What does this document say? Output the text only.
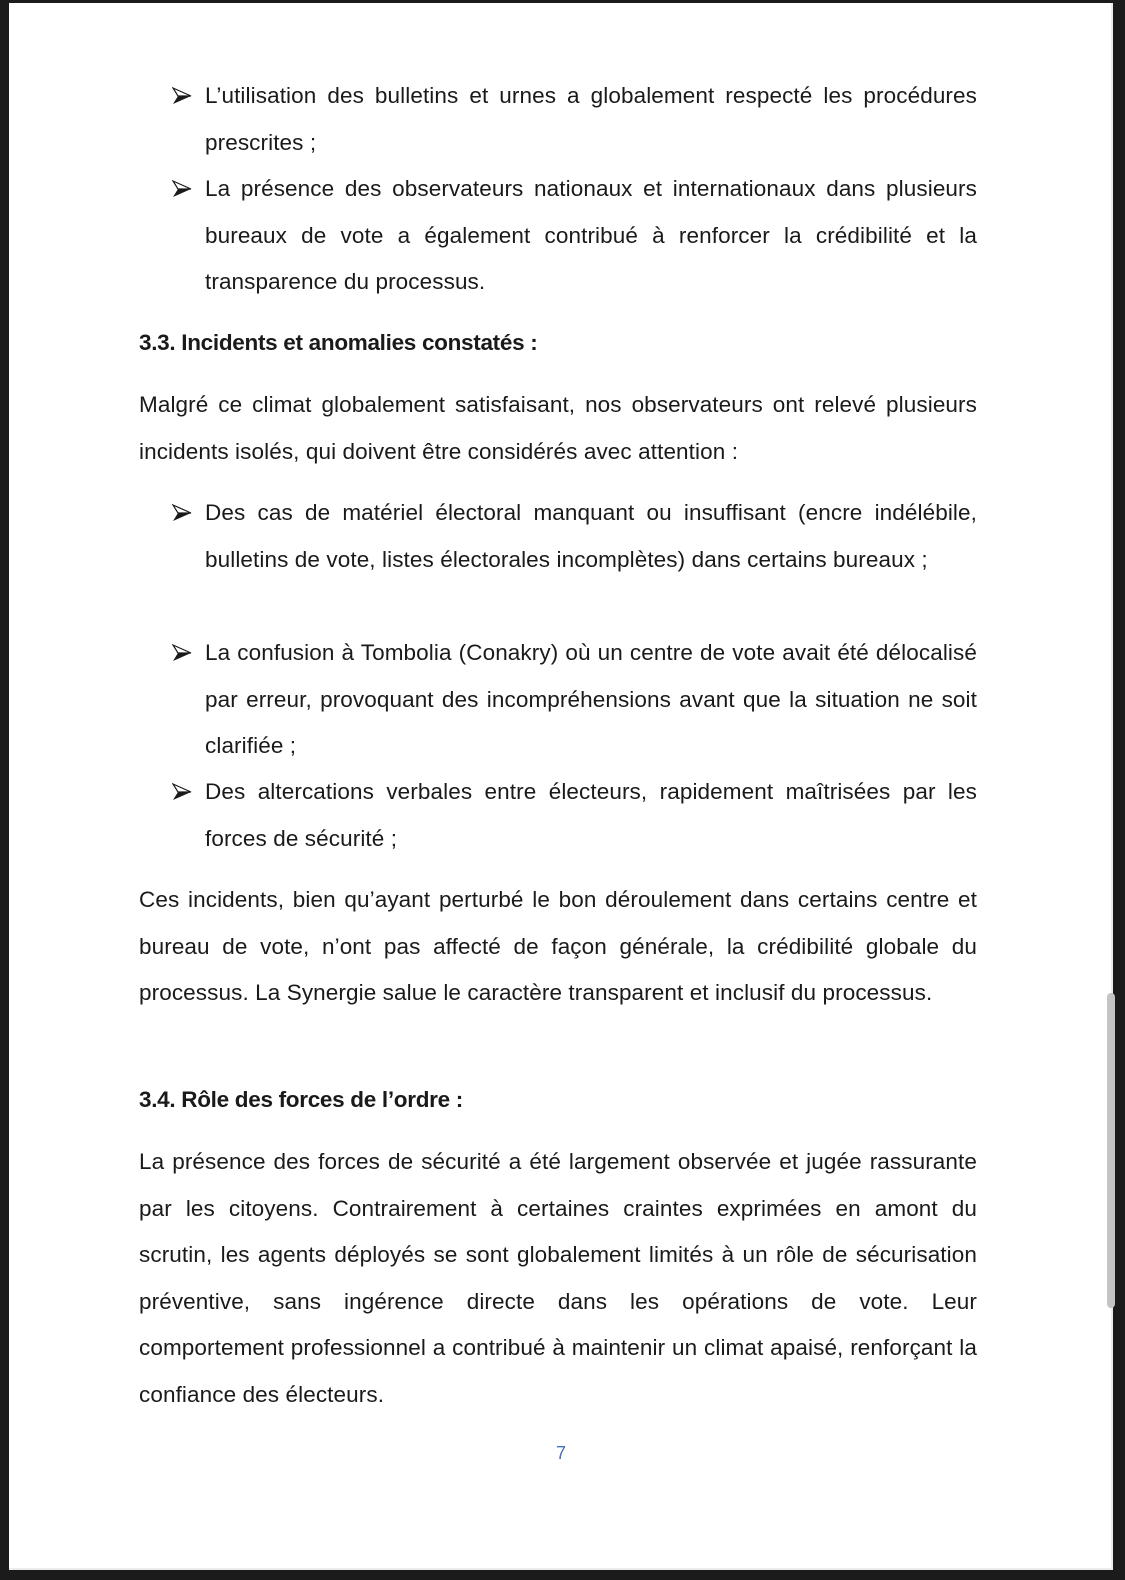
L’utilisation des bulletins et urnes a globalement respecté les procédures prescrites ;
La présence des observateurs nationaux et internationaux dans plusieurs bureaux de vote a également contribué à renforcer la crédibilité et la transparence du processus.
3.3. Incidents et anomalies constatés :
Malgré ce climat globalement satisfaisant, nos observateurs ont relevé plusieurs incidents isolés, qui doivent être considérés avec attention :
Des cas de matériel électoral manquant ou insuffisant (encre indélébile, bulletins de vote, listes électorales incomplètes) dans certains bureaux ;
La confusion à Tombolia (Conakry) où un centre de vote avait été délocalisé par erreur, provoquant des incompréhensions avant que la situation ne soit clarifiée ;
Des altercations verbales entre électeurs, rapidement maîtrisées par les forces de sécurité ;
Ces incidents, bien qu’ayant perturbé le bon déroulement dans certains centre et bureau de vote, n’ont pas affecté de façon générale, la crédibilité globale du processus. La Synergie salue le caractère transparent et inclusif du processus.
3.4. Rôle des forces de l’ordre :
La présence des forces de sécurité a été largement observée et jugée rassurante par les citoyens. Contrairement à certaines craintes exprimées en amont du scrutin, les agents déployés se sont globalement limités à un rôle de sécurisation préventive, sans ingérence directe dans les opérations de vote. Leur comportement professionnel a contribué à maintenir un climat apaisé, renforçant la confiance des électeurs.
7
